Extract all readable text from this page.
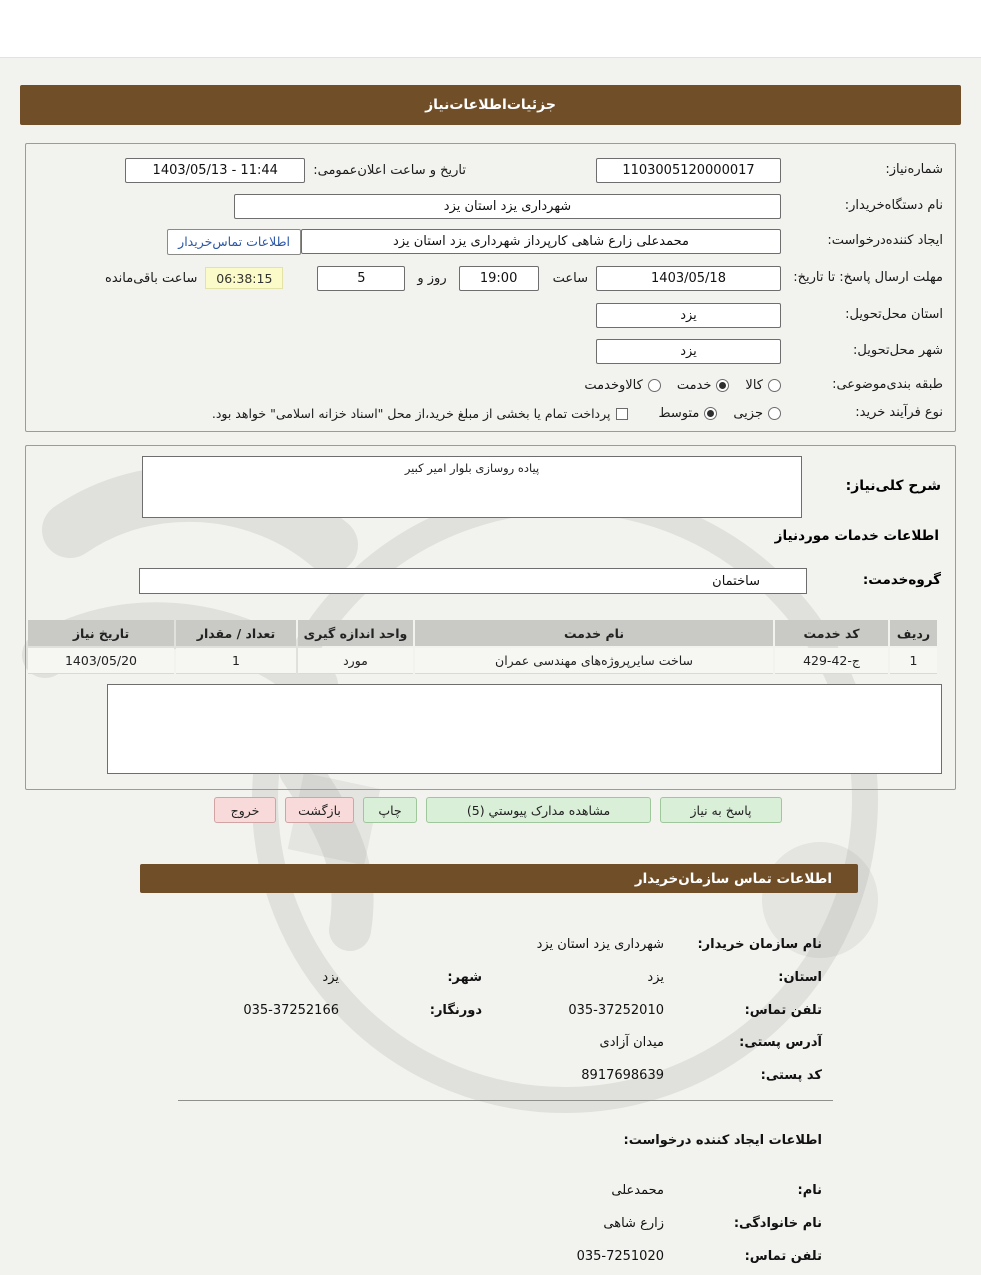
جزئیات‌اطلاعات‌نیاز
شماره‌نیاز:
1103005120000017
تاریخ و ساعت اعلان‌عمومی:
1403/05/13 - 11:44
نام دستگاه‌خریدار:
شهرداری یزد استان یزد
ایجاد کننده‌درخواست:
محمدعلی زارع شاهی کارپرداز شهرداری یزد استان یزد
اطلاعات تماس‌خریدار
مهلت ارسال پاسخ: تا تاریخ:
1403/05/18
ساعت
19:00
روز و
5
06:38:15
ساعت باقی‌مانده
استان محل‌تحویل:
یزد
شهر محل‌تحویل:
یزد
طبقه بندی‌موضوعی:
کالا
خدمت
کالاوخدمت
نوع فرآیند خرید:
جزیی
متوسط
پرداخت تمام یا بخشی از مبلغ خرید،از محل "اسناد خزانه اسلامی" خواهد بود.
شرح کلی‌نیاز:
پیاده روسازی بلوار امیر کبیر
اطلاعات خدمات موردنیاز
گروه‌خدمت:
ساختمان
ردیف	کد خدمت	نام خدمت	واحد اندازه گیری	تعداد / مقدار	تاریخ نیاز
1	ج-42-429	ساخت سایرپروژه‌های مهندسی عمران	مورد	1	1403/05/20
پاسخ به نیاز
مشاهده مدارک پیوستي (5)
چاپ
بازگشت
خروج
اطلاعات تماس سازمان‌خریدار
نام سازمان خریدار:
شهرداری یزد استان یزد
استان:
یزد
شهر:
یزد
تلفن تماس:
035-37252010
دورنگار:
035-37252166
آدرس پستی:
میدان آزادی
کد پستی:
8917698639
اطلاعات ایجاد کننده درخواست:
نام:
محمدعلی
نام خانوادگی:
زارع شاهی
تلفن تماس:
035-7251020
